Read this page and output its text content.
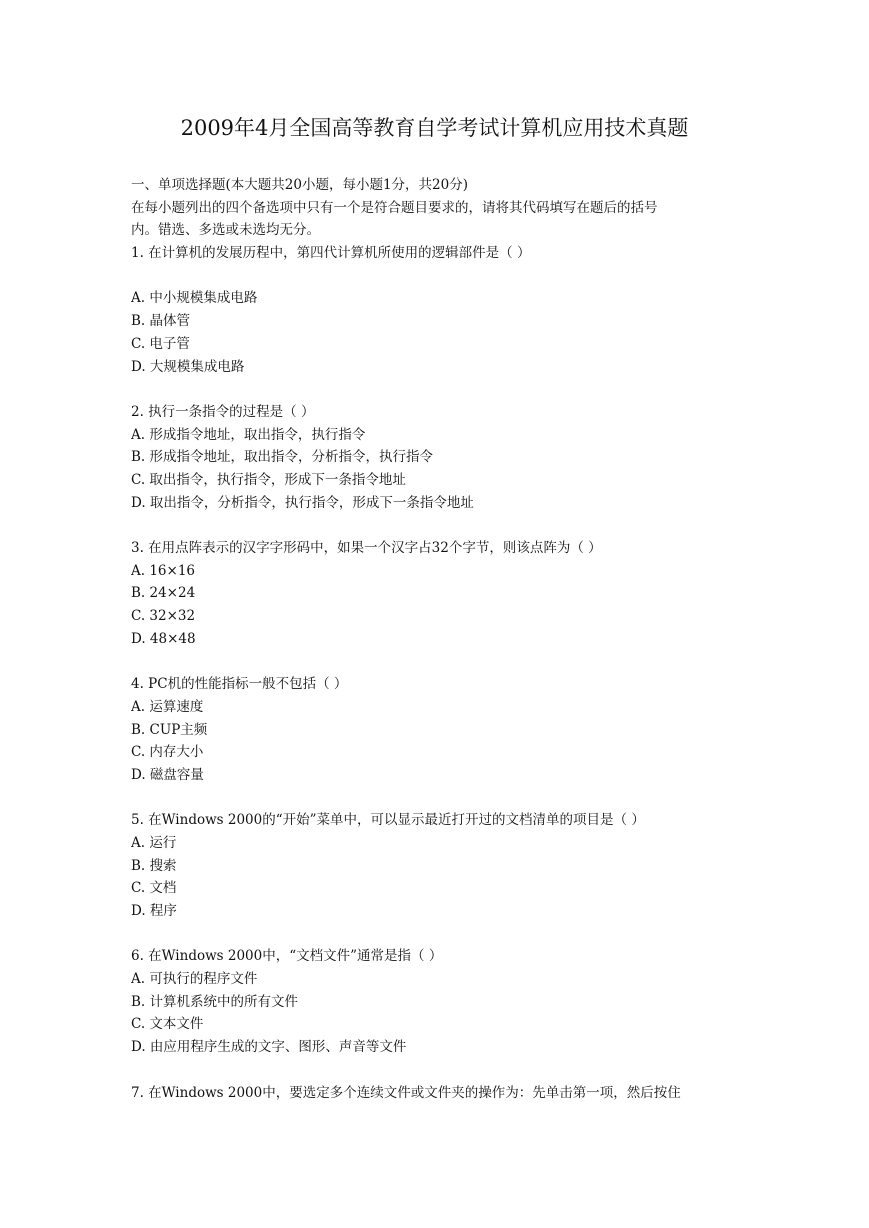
2009年4月全国高等教育自学考试计算机应用技术真题
一、单项选择题(本大题共20小题，每小题1分，共20分)
在每小题列出的四个备选项中只有一个是符合题目要求的，请将其代码填写在题后的括号
内。错选、多选或未选均无分。
1. 在计算机的发展历程中，第四代计算机所使用的逻辑部件是（ ）
A. 中小规模集成电路
B. 晶体管
C. 电子管
D. 大规模集成电路
2. 执行一条指令的过程是（ ）
A. 形成指令地址，取出指令，执行指令
B. 形成指令地址，取出指令，分析指令，执行指令
C. 取出指令，执行指令，形成下一条指令地址
D. 取出指令，分析指令，执行指令，形成下一条指令地址
3. 在用点阵表示的汉字字形码中，如果一个汉字占32个字节，则该点阵为（ ）
A. 16×16
B. 24×24
C. 32×32
D. 48×48
4. PC机的性能指标一般不包括（ ）
A. 运算速度
B. CUP主频
C. 内存大小
D. 磁盘容量
5. 在Windows 2000的“开始”菜单中，可以显示最近打开过的文档清单的项目是（ ）
A. 运行
B. 搜索
C. 文档
D. 程序
6. 在Windows 2000中，“文档文件”通常是指（ ）
A. 可执行的程序文件
B. 计算机系统中的所有文件
C. 文本文件
D. 由应用程序生成的文字、图形、声音等文件
7. 在Windows 2000中，要选定多个连续文件或文件夹的操作为：先单击第一项，然后按住
